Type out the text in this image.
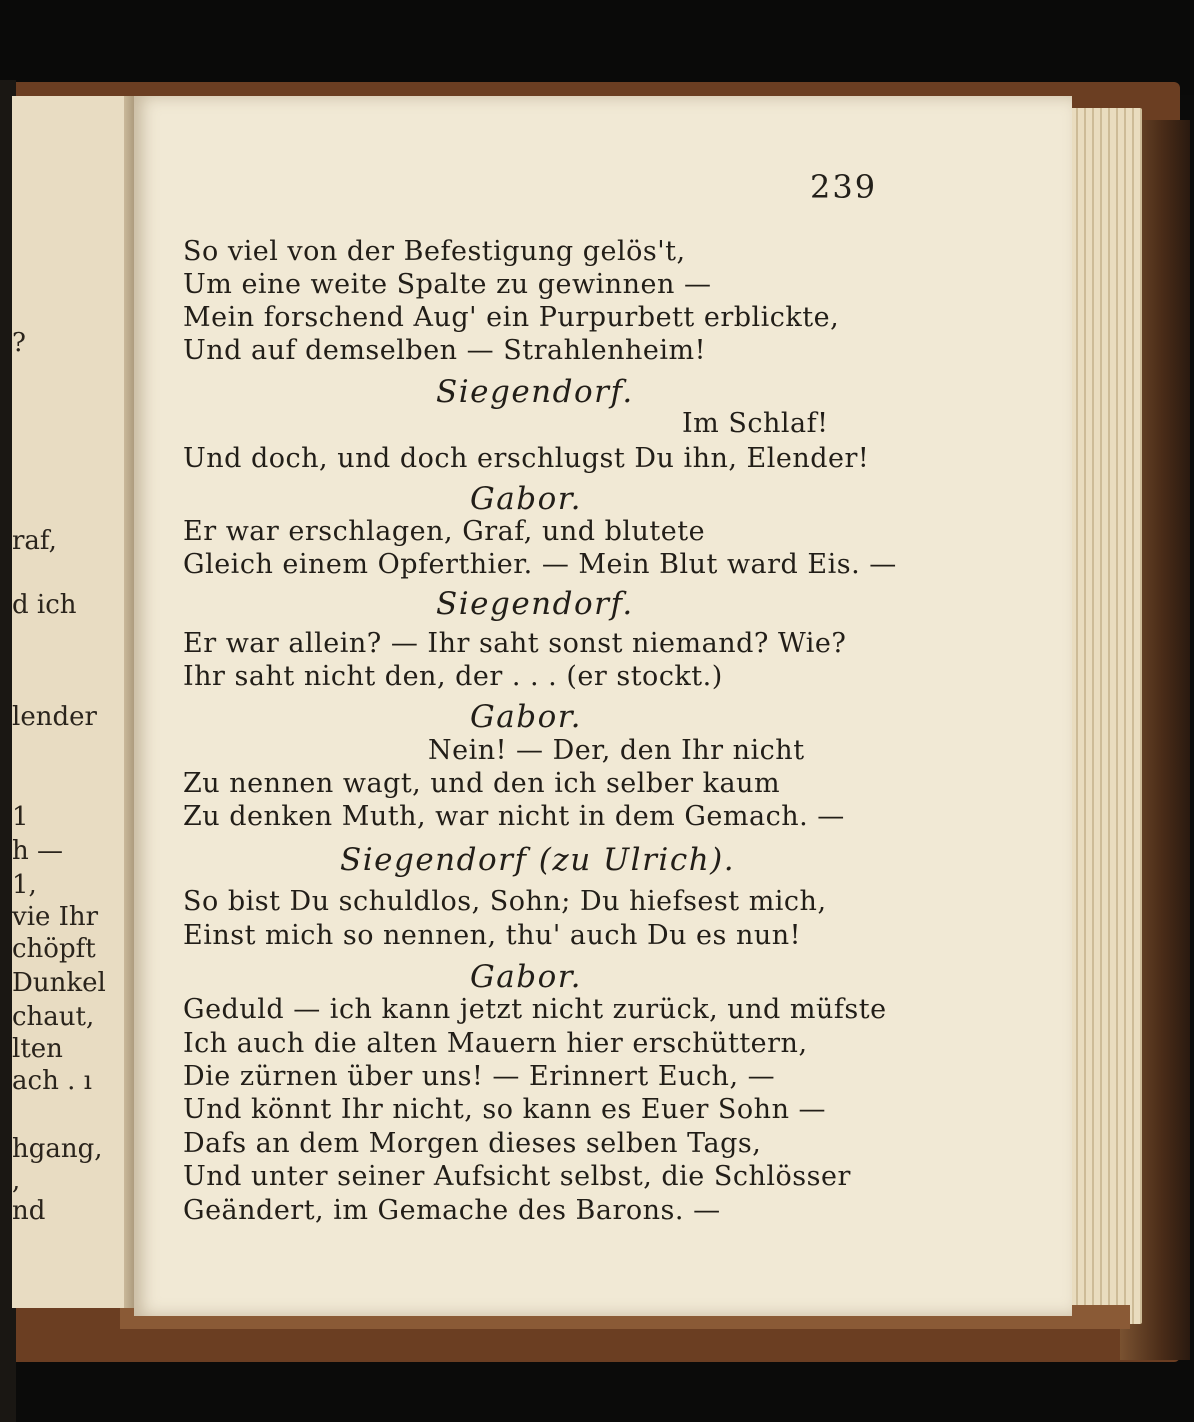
?
raf,
d ich
lender
1
h —
1,
vie Ihr
chöpft
Dunkel
chaut,
lten
ach . ı
hgang,
,
nd
239
So viel von der Befestigung gelös't,
Um eine weite Spalte zu gewinnen —
Mein forschend Aug' ein Purpurbett erblickte,
Und auf demselben — Strahlenheim!
Siegendorf.
Im Schlaf!
Und doch, und doch erschlugst Du ihn, Elender!
Gabor.
Er war erschlagen, Graf, und blutete
Gleich einem Opferthier. — Mein Blut ward Eis. —
Siegendorf.
Er war allein? — Ihr saht sonst niemand? Wie?
Ihr saht nicht den, der . . . (er stockt.)
Gabor.
Nein! — Der, den Ihr nicht
Zu nennen wagt, und den ich selber kaum
Zu denken Muth, war nicht in dem Gemach. —
Siegendorf (zu Ulrich).
So bist Du schuldlos, Sohn; Du hiefsest mich,
Einst mich so nennen, thu' auch Du es nun!
Gabor.
Geduld — ich kann jetzt nicht zurück, und müfste
Ich auch die alten Mauern hier erschüttern,
Die zürnen über uns! — Erinnert Euch, —
Und könnt Ihr nicht, so kann es Euer Sohn —
Dafs an dem Morgen dieses selben Tags,
Und unter seiner Aufsicht selbst, die Schlösser
Geändert, im Gemache des Barons. —
